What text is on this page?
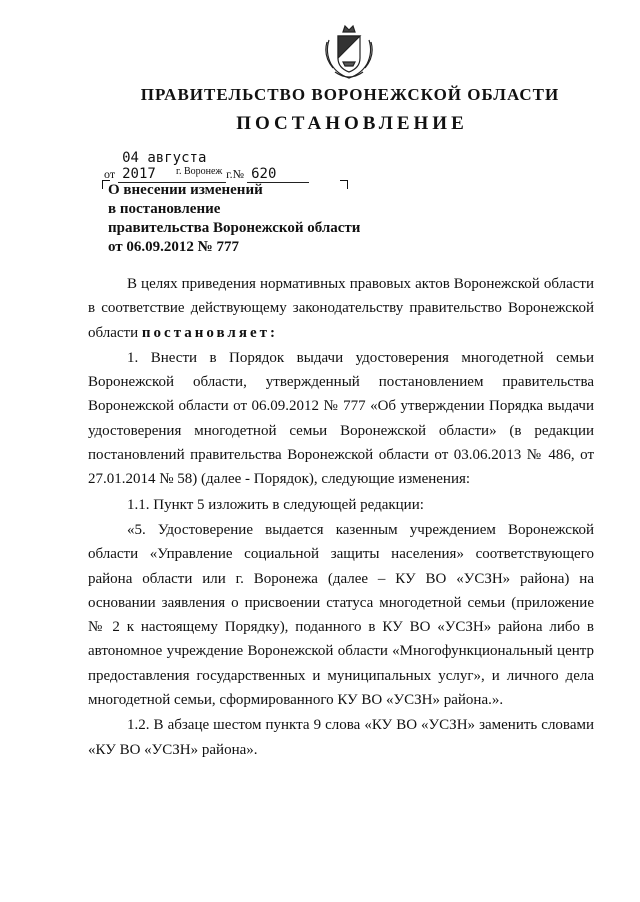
ПРАВИТЕЛЬСТВО ВОРОНЕЖСКОЙ ОБЛАСТИ
ПОСТАНОВЛЕНИЕ
от 04 августа 2017	г.№ 620
г. Воронеж
О внесении изменений
в постановление
правительства Воронежской области
от 06.09.2012 № 777

В целях приведения нормативных правовых актов Воронежской области в соответствие действующему законодательству правительство Воронежской области постановляет:

1. Внести в Порядок выдачи удостоверения многодетной семьи Воронежской области, утвержденный постановлением правительства Воронежской области от 06.09.2012 № 777 «Об утверждении Порядка выдачи удостоверения многодетной семьи Воронежской области» (в редакции постановлений правительства Воронежской области от 03.06.2013 № 486, от 27.01.2014 № 58) (далее - Порядок), следующие изменения:

1.1. Пункт 5 изложить в следующей редакции:

«5. Удостоверение выдается казенным учреждением Воронежской области «Управление социальной защиты населения» соответствующего района области или г. Воронежа (далее – КУ ВО «УСЗН» района) на основании заявления о присвоении статуса многодетной семьи (приложение № 2 к настоящему Порядку), поданного в КУ ВО «УСЗН» района либо в автономное учреждение Воронежской области «Многофункциональный центр предоставления государственных и муниципальных услуг», и личного дела многодетной семьи, сформированного КУ ВО «УСЗН» района.».

1.2. В абзаце шестом пункта 9 слова «КУ ВО «УСЗН» заменить словами «КУ ВО «УСЗН» района».
